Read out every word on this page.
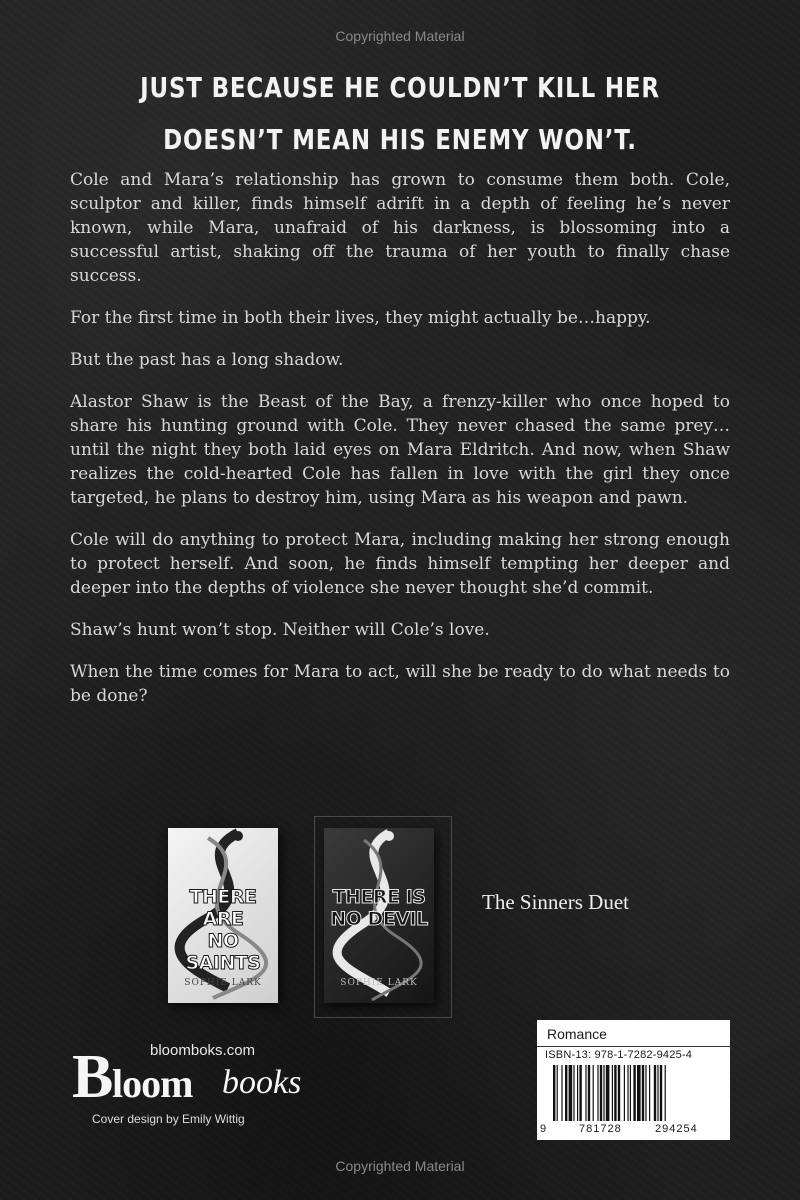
Copyrighted Material
JUST BECAUSE HE COULDN’T KILL HER
DOESN’T MEAN HIS ENEMY WON’T.

Cole and Mara’s relationship has grown to consume them both. Cole, sculptor and killer, finds himself adrift in a depth of feeling he’s never known, while Mara, unafraid of his darkness, is blossoming into a successful artist, shaking off the trauma of her youth to finally chase success.

For the first time in both their lives, they might actually be…happy.

But the past has a long shadow.

Alastor Shaw is the Beast of the Bay, a frenzy-killer who once hoped to share his hunting ground with Cole. They never chased the same prey…until the night they both laid eyes on Mara Eldritch. And now, when Shaw realizes the cold-hearted Cole has fallen in love with the girl they once targeted, he plans to destroy him, using Mara as his weapon and pawn.

Cole will do anything to protect Mara, including making her strong enough to protect herself. And soon, he finds himself tempting her deeper and deeper into the depths of violence she never thought she’d commit.

Shaw’s hunt won’t stop. Neither will Cole’s love.

When the time comes for Mara to act, will she be ready to do what needs to be done?

THERE ARE
NO SAINTS
SOPHIE LARK
THERE IS
NO DEVIL
SOPHIE LARK
The Sinners Duet
bloomboks.com
B
loom books
Cover design by Emily Wittig
Romance
ISBN-13: 978-1-7282-9425-4
9	781728	294254
Copyrighted Material
